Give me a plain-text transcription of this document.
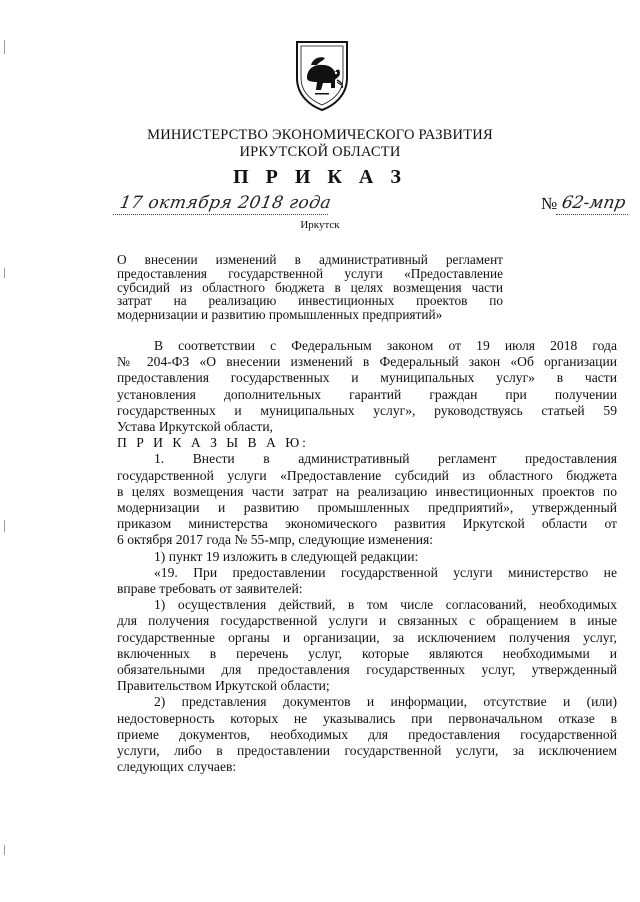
МИНИСТЕРСТВО ЭКОНОМИЧЕСКОГО РАЗВИТИЯ
ИРКУТСКОЙ ОБЛАСТИ
П Р И К А З
17 октября 2018 года	№ 62-мпр
Иркутск
О внесении изменений в административный регламент
предоставления государственной услуги «Предоставление
субсидий из областного бюджета в целях возмещения части
затрат на реализацию инвестиционных проектов по
модернизации и развитию промышленных предприятий»

В соответствии с Федеральным законом от 19 июля 2018 года
№ 204-ФЗ «О внесении изменений в Федеральный закон «Об организации
предоставления государственных и муниципальных услуг» в части
установления дополнительных гарантий граждан при получении
государственных и муниципальных услуг», руководствуясь статьей 59
Устава Иркутской области,

П Р И К А З Ы В А Ю:

1. Внести в административный регламент предоставления
государственной услуги «Предоставление субсидий из областного бюджета
в целях возмещения части затрат на реализацию инвестиционных проектов по
модернизации и развитию промышленных предприятий», утвержденный
приказом министерства экономического развития Иркутской области от
6 октября 2017 года № 55-мпр, следующие изменения:

1) пункт 19 изложить в следующей редакции:

«19. При предоставлении государственной услуги министерство не
вправе требовать от заявителей:

1) осуществления действий, в том числе согласований, необходимых
для получения государственной услуги и связанных с обращением в иные
государственные органы и организации, за исключением получения услуг,
включенных в перечень услуг, которые являются необходимыми и
обязательными для предоставления государственных услуг, утвержденный
Правительством Иркутской области;

2) представления документов и информации, отсутствие и (или)
недостоверность которых не указывались при первоначальном отказе в
приеме документов, необходимых для предоставления государственной
услуги, либо в предоставлении государственной услуги, за исключением
следующих случаев:
